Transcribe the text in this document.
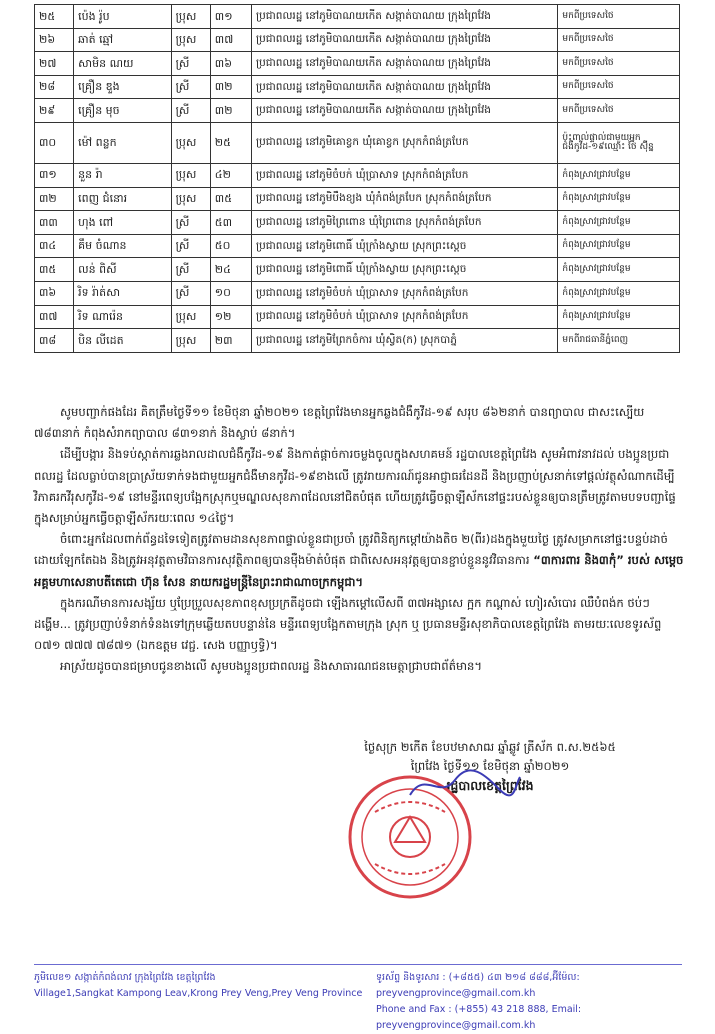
២៥	ប៉េង រ៉ូប	ប្រុស	៣១	ប្រជាពលរដ្ឋ នៅភូមិបាណយកើត សង្កាត់បាណយ ក្រុងព្រៃវែង	មកពីប្រទេសថៃ
២៦	ឆាត់ ឆ្មៅ	ប្រុស	៣៧	ប្រជាពលរដ្ឋ នៅភូមិបាណយកើត សង្កាត់បាណយ ក្រុងព្រៃវែង	មកពីប្រទេសថៃ
២៧	សាមិន ណយ	ស្រី	៣៦	ប្រជាពលរដ្ឋ នៅភូមិបាណយកើត សង្កាត់បាណយ ក្រុងព្រៃវែង	មកពីប្រទេសថៃ
២៨	គ្រឿន ឌួង	ស្រី	៣២	ប្រជាពលរដ្ឋ នៅភូមិបាណយកើត សង្កាត់បាណយ ក្រុងព្រៃវែង	មកពីប្រទេសថៃ
២៩	គ្រឿន មុច	ស្រី	៣២	ប្រជាពលរដ្ឋ នៅភូមិបាណយកើត សង្កាត់បាណយ ក្រុងព្រៃវែង	មកពីប្រទេសថៃ
៣០	ម៉ៅ ពន្លក	ប្រុស	២៥	ប្រជាពលរដ្ឋ នៅភូមិគោខ្វក ឃុំគោខ្វក ស្រុកកំពង់ត្របែក	ប៉ះពាល់ផ្ទាល់ជាមួយអ្នកជំងឺកូវីដ-១៩ឈ្មោះ ថៃ ស៊ុីន្ន
៣១	នួន រ៉ា	ប្រុស	៤២	ប្រជាពលរដ្ឋ នៅភូមិចំបក់ ឃុំប្រាសាទ ស្រុកកំពង់ត្របែក	កំពុងស្រាវជ្រាវបន្ថែម
៣២	ពេញ ជំនោរ	ប្រុស	៣៥	ប្រជាពលរដ្ឋ នៅភូមិបឹងខ្យង ឃុំកំពង់ត្របែក ស្រុកកំពង់ត្របែក	កំពុងស្រាវជ្រាវបន្ថែម
៣៣	ហុង ពៅ	ស្រី	៥៣	ប្រជាពលរដ្ឋ នៅភូមិព្រៃពោន ឃុំព្រៃពោន ស្រុកកំពង់ត្របែក	កំពុងស្រាវជ្រាវបន្ថែម
៣៤	គឹម ចំណាន	ស្រី	៥០	ប្រជាពលរដ្ឋ នៅភូមិពោធិ៍ ឃុំក្រាំងស្វាយ ស្រុកព្រះស្តេច	កំពុងស្រាវជ្រាវបន្ថែម
៣៥	លន់ ពិសី	ស្រី	២៤	ប្រជាពលរដ្ឋ នៅភូមិពោធិ៍ ឃុំក្រាំងស្វាយ ស្រុកព្រះស្តេច	កំពុងស្រាវជ្រាវបន្ថែម
៣៦	រិទ រ៉ាត់សា	ស្រី	១០	ប្រជាពលរដ្ឋ នៅភូមិចំបក់ ឃុំប្រាសាទ ស្រុកកំពង់ត្របែក	កំពុងស្រាវជ្រាវបន្ថែម
៣៧	រិទ ណារ៉េន	ប្រុស	១២	ប្រជាពលរដ្ឋ នៅភូមិចំបក់ ឃុំប្រាសាទ ស្រុកកំពង់ត្របែក	កំពុងស្រាវជ្រាវបន្ថែម
៣៨	បិន លីដេត	ប្រុស	២៣	ប្រជាពលរដ្ឋ នៅភូមិព្រែកចំការ ឃុំស្វិត(ក) ស្រុកបាភ្នំ	មកពីរាជធានីភ្នំពេញ

សូមបញ្ជាក់ផងដែរ គិតត្រឹមថ្ងៃទី១១ ខែមិថុនា ឆ្នាំ២០២១ ខេត្តព្រៃវែងមានអ្នកឆ្លងជំងឺកូវីដ-១៩ សរុប ៨៦២នាក់ បានព្យាបាល ជាសះស្បើយ ៧៨៣នាក់ កំពុងសំរាកព្យាបាល ៨៣១នាក់ និងស្លាប់ ៨នាក់។

ដើម្បីបង្ការ និងទប់ស្កាត់ការឆ្លងរាលដាលជំងឺកូវីដ-១៩ និងកាត់ផ្តាច់ការចម្លងចូលក្នុងសហគមន៍ រដ្ឋបាលខេត្តព្រៃវែង សូមអំពាវនាវដល់ បងប្អូនប្រជាពលរដ្ឋ ដែលធ្លាប់បានប្រាស្រ័យទាក់ទងជាមួយអ្នកជំងឺមានកូវីដ-១៩ខាងលើ ត្រូវរាយការណ៍ជូនអាជ្ញាធរដែនដី និងប្រញាប់ស្រនាក់ទៅផ្តល់វត្ថុសំណាកដើម្បីវិភាគរកវីរុសកូវីដ-១៩ នៅមន្ទីរពេទ្យបង្អែកស្រុកឬមណ្ឌលសុខភាពដែលនៅជិតបំផុត ហើយត្រូវធ្វើចត្តាឡីស័កនៅផ្ទះរបស់ខ្លួនឲ្យបានត្រឹមត្រូវតាមបទបញ្ជាផ្ទៃក្នុងសម្រាប់អ្នកធ្វើចត្តាឡីស័ករយៈពេល ១៤ថ្ងៃ។

ចំពោះអ្នកដែលពាក់ព័ន្ធដទៃទៀតត្រូវតាមដានសុខភាពផ្ទាល់ខ្លួនជាប្រចាំ ត្រូវពិនិត្យកម្តៅយ៉ាងតិច ២(ពីរ)ដងក្នុងមួយថ្ងៃ ត្រូវសម្រាកនៅផ្ទះបន្ទប់ដាច់ដោយឡែកតែឯង និងត្រូវអនុវត្តតាមវិធានការសុវត្ថិភាពឲ្យបានម៉ឺងម៉ាត់បំផុត ជាពិសេសអនុវត្តឲ្យបានខ្ជាប់ខ្ជួននូវវិធានការ “៣ការពារ និង៣កុំ” របស់ សម្តេចអគ្គមហាសេនាបតីតេជោ ហ៊ុន សែន នាយករដ្ឋមន្ត្រីនៃព្រះរាជាណាចក្រកម្ពុជា។

ក្នុងករណីមានការសង្ស័យ ឬប្រែប្រួលសុខភាពខុសប្រក្រតីដូចជា ឡើងកម្តៅលើសពី ៣៧អង្សាសេ ក្អក កណ្តាស់ ហៀរសំបោរ ឈឺបំពង់ក ថប់ៗដង្ហើម... ត្រូវប្រញាប់ទំនាក់ទំនងទៅក្រុមឆ្លើយតបបន្ទាន់នៃ មន្ទីរពេទ្យបង្អែកតាមក្រុង ស្រុក ឬ ប្រធានមន្ទីរសុខាភិបាលខេត្តព្រៃវែង តាមរយៈលេខទូរស័ព្ទ ០៧១ ៧៧៧ ៧៨៧១ (ឯកឧត្តម វេជ្ជ. សេង បញ្ញាឫទ្ធិ)។

អាស្រ័យដូចបានជម្រាបជូនខាងលើ សូមបងប្អូនប្រជាពលរដ្ឋ និងសាធារណជនមេត្តាជ្រាបជាព័ត៌មាន។

ថ្ងៃសុក្រ ២កើត ខែបឋមាសាឍ ឆ្នាំឆ្លូវ ត្រីស័ក ព.ស.២៥៦៥
ព្រៃវែង ថ្ងៃទី១១ ខែមិថុនា ឆ្នាំ២០២១
រដ្ឋបាលខេត្តព្រៃវែង
ភូមិលេខ១ សង្កាត់កំពង់លាវ ក្រុងព្រៃវែង ខេត្តព្រៃវែង
Village1,Sangkat Kampong Leav,Krong Prey Veng,Prey Veng Province
ទូរស័ព្ទ និងទូរសារ : (+៨៥៥) ៤៣ ២១៨ ៨៨៨,អ៊ីម៉ែល: preyvengprovince@gmail.com.kh
Phone and Fax : (+855) 43 218 888, Email: preyvengprovince@gmail.com.kh
